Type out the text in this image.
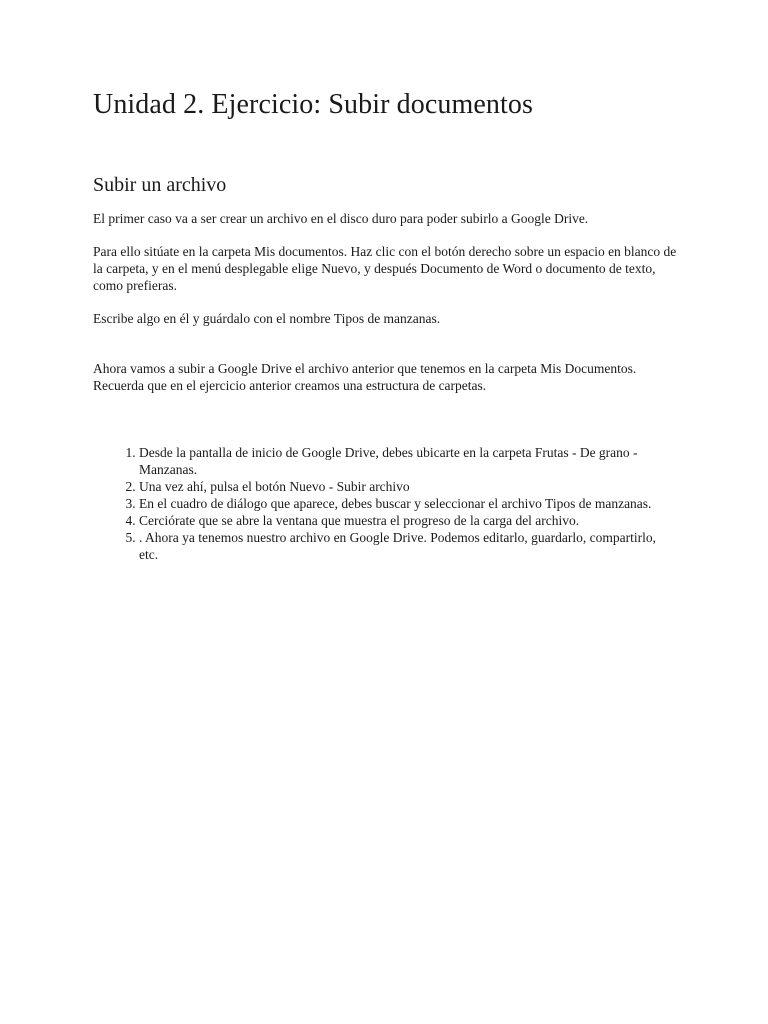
Unidad 2. Ejercicio: Subir documentos
Subir un archivo

El primer caso va a ser crear un archivo en el disco duro para poder subirlo a Google Drive.

Para ello sitúate en la carpeta Mis documentos. Haz clic con el botón derecho sobre un espacio en blanco de la carpeta, y en el menú desplegable elige Nuevo, y después Documento de Word o documento de texto, como prefieras.

Escribe algo en él y guárdalo con el nombre Tipos de manzanas.

Ahora vamos a subir a Google Drive el archivo anterior que tenemos en la carpeta Mis Documentos. Recuerda que en el ejercicio anterior creamos una estructura de carpetas.

1. Desde la pantalla de inicio de Google Drive, debes ubicarte en la carpeta Frutas - De grano - Manzanas.
2. Una vez ahí, pulsa el botón Nuevo - Subir archivo
3. En el cuadro de diálogo que aparece, debes buscar y seleccionar el archivo Tipos de manzanas.
4. Cerciórate que se abre la ventana que muestra el progreso de la carga del archivo.
5. . Ahora ya tenemos nuestro archivo en Google Drive. Podemos editarlo, guardarlo, compartirlo, etc.
